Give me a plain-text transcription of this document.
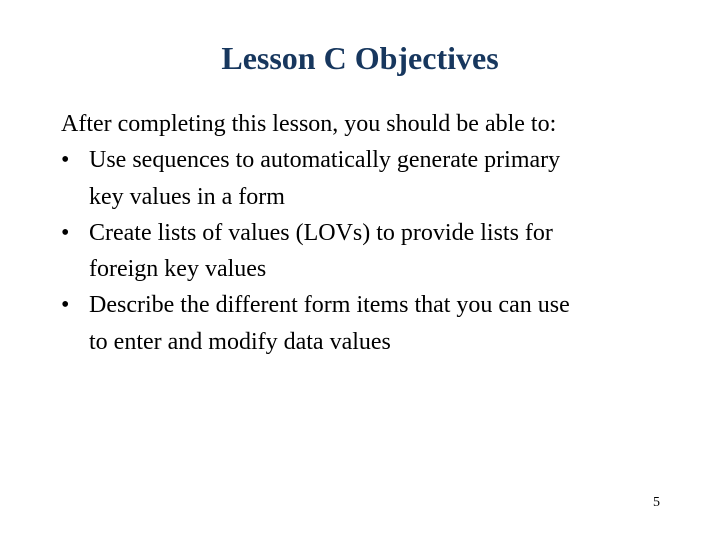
Lesson C Objectives

After completing this lesson, you should be able to:

• Use sequences to automatically generate primary
key values in a form
• Create lists of values (LOVs) to provide lists for
foreign key values
• Describe the different form items that you can use
to enter and modify data values
5
